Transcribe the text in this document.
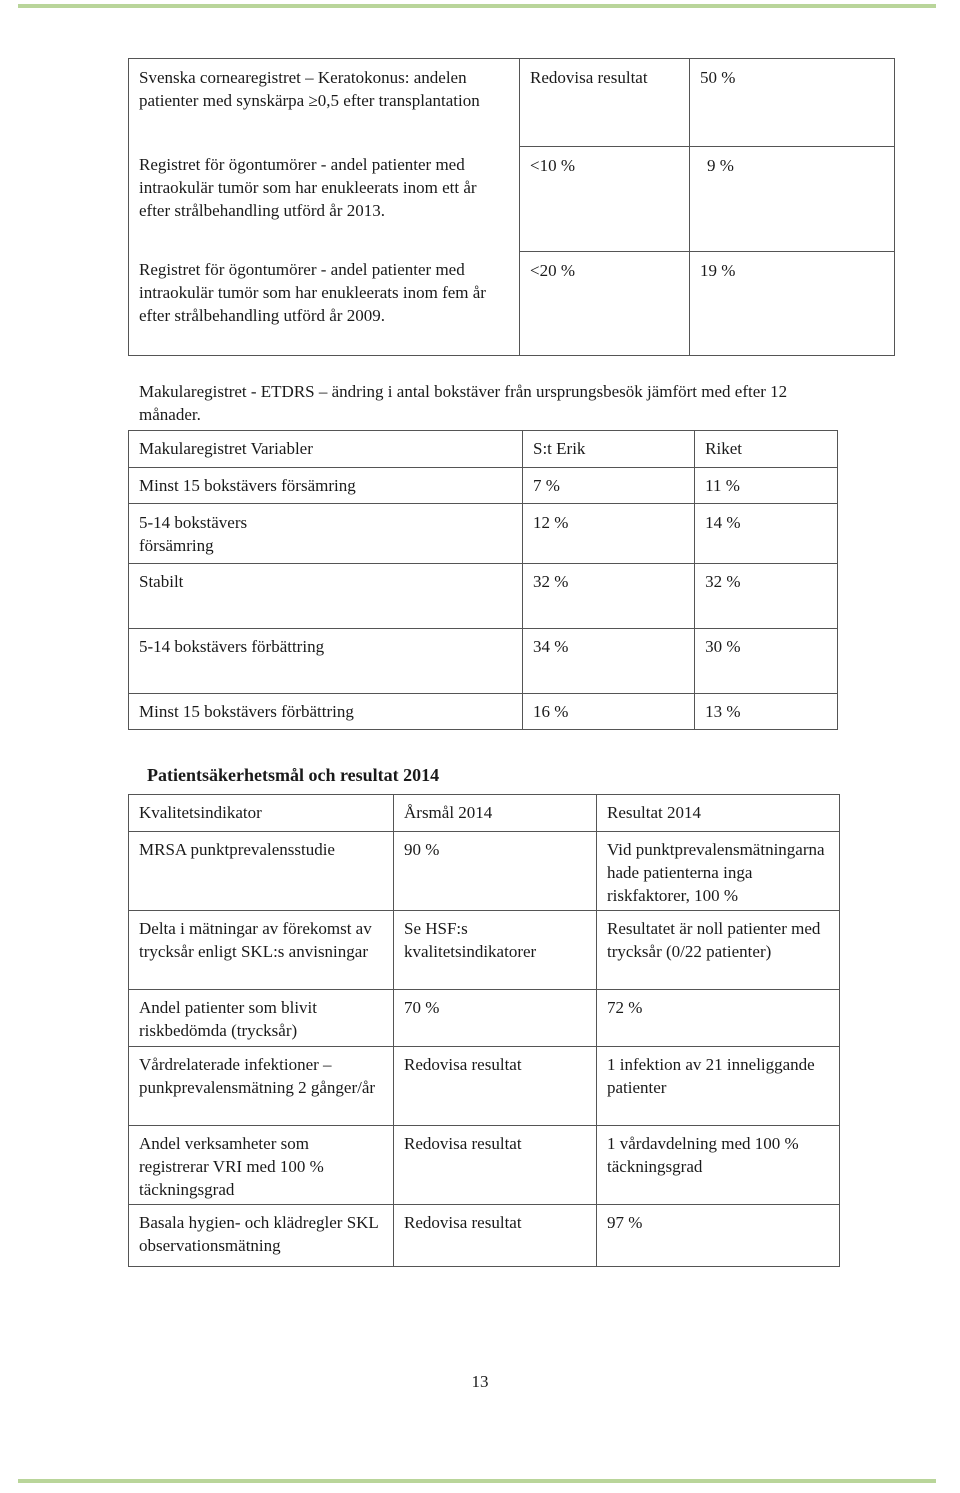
Svenska cornearegistret – Keratokonus: andelen patienter med synskärpa ≥0,5 efter transplantation	Redovisa resultat	50 %
Registret för ögontumörer - andel patienter med intraokulär tumör som har enukleerats inom ett år efter strålbehandling utförd år 2013.	<10 %	9 %
Registret för ögontumörer - andel patienter med intraokulär tumör som har enukleerats inom fem år efter strålbehandling utförd år 2009.	<20 %	19 %
Makularegistret - ETDRS – ändring i antal bokstäver från ursprungsbesök jämfört med efter 12 månader.
Makularegistret Variabler	S:t Erik	Riket
Minst 15 bokstävers försämring	7 %	11 %

5-14 bokstävers försämring	12 %	14 %
Stabilt	32 %	32 %
5-14 bokstävers förbättring	34 %	30 %
Minst 15 bokstävers förbättring	16 %	13 %
Patientsäkerhetsmål och resultat 2014
Kvalitetsindikator	Årsmål 2014	Resultat 2014
MRSA punktprevalensstudie	90 %	Vid punktprevalensmätningarna hade patienterna inga riskfaktorer, 100 %
Delta i mätningar av förekomst av trycksår enligt SKL:s anvisningar	Se HSF:s kvalitetsindikatorer	Resultatet är noll patienter med trycksår (0/22 patienter)
Andel patienter som blivit riskbedömda (trycksår)	70 %	72 %
Vårdrelaterade infektioner – punkprevalensmätning 2 gånger/år	Redovisa resultat	1 infektion av 21 inneliggande patienter
Andel verksamheter som registrerar VRI med 100 % täckningsgrad	Redovisa resultat	1 vårdavdelning med 100 % täckningsgrad
Basala hygien- och klädregler SKL observationsmätning	Redovisa resultat	97 %
13
